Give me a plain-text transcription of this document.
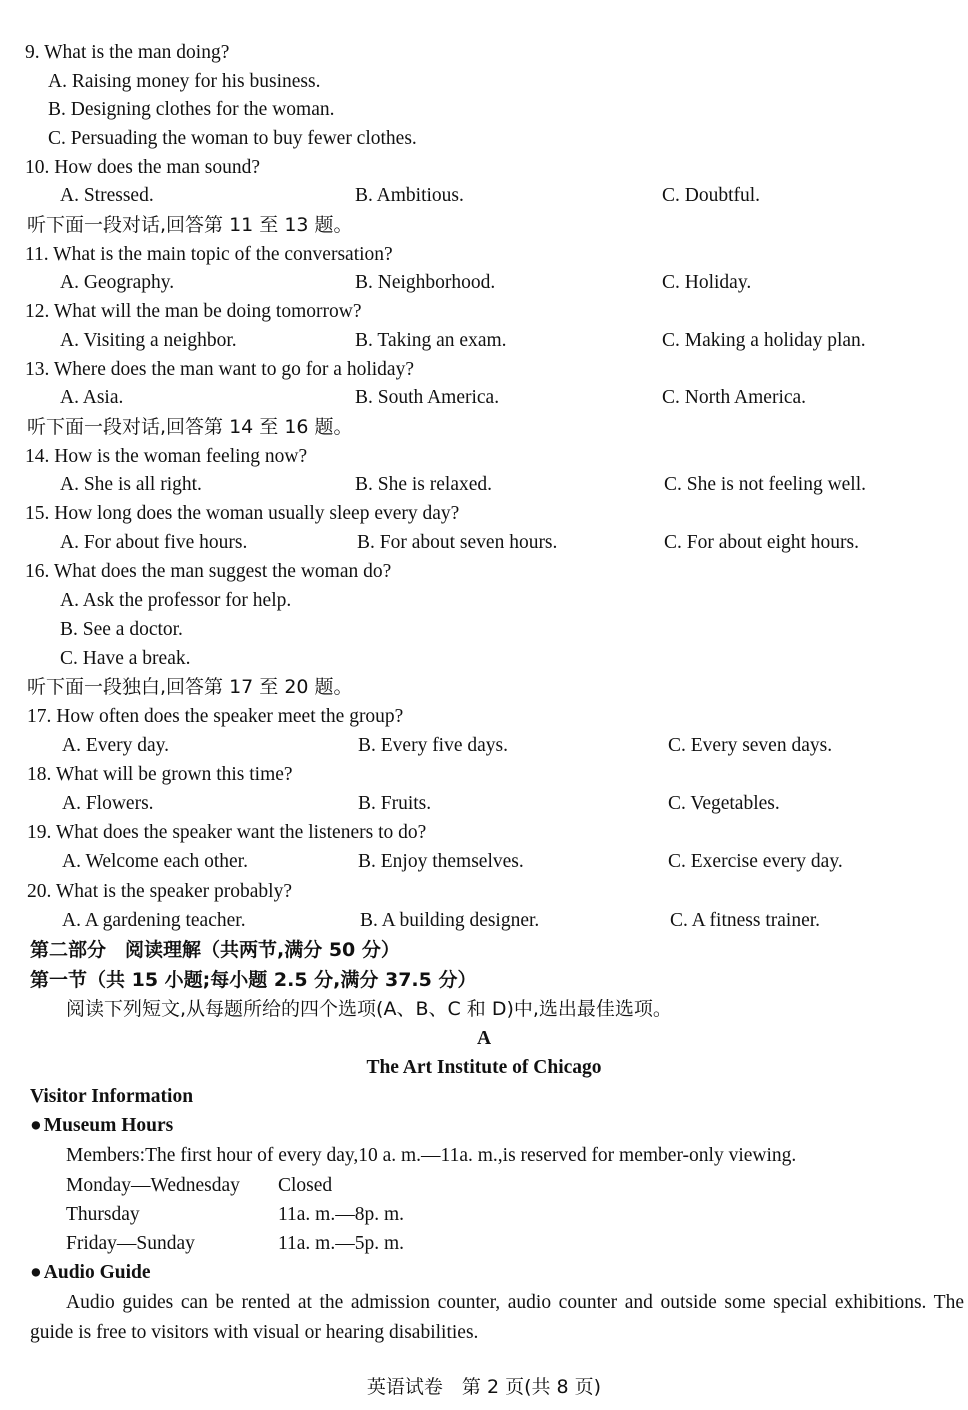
9. What is the man doing?
A. Raising money for his business.
B. Designing clothes for the woman.
C. Persuading the woman to buy fewer clothes.
10. How does the man sound?
A. Stressed.	B. Ambitious.	C. Doubtful.
听下面一段对话,回答第 11 至 13 题。
11. What is the main topic of the conversation?
A. Geography.	B. Neighborhood.	C. Holiday.
12. What will the man be doing tomorrow?
A. Visiting a neighbor.	B. Taking an exam.	C. Making a holiday plan.
13. Where does the man want to go for a holiday?
A. Asia.	B. South America.	C. North America.
听下面一段对话,回答第 14 至 16 题。
14. How is the woman feeling now?
A. She is all right.	B. She is relaxed.	C. She is not feeling well.
15. How long does the woman usually sleep every day?
A. For about five hours.	B. For about seven hours.	C. For about eight hours.
16. What does the man suggest the woman do?
A. Ask the professor for help.
B. See a doctor.
C. Have a break.
听下面一段独白,回答第 17 至 20 题。
17. How often does the speaker meet the group?
A. Every day.	B. Every five days.	C. Every seven days.
18. What will be grown this time?
A. Flowers.	B. Fruits.	C. Vegetables.
19. What does the speaker want the listeners to do?
A. Welcome each other.	B. Enjoy themselves.	C. Exercise every day.
20. What is the speaker probably?
A. A gardening teacher.	B. A building designer.	C. A fitness trainer.
第二部分　阅读理解（共两节,满分 50 分）
第一节（共 15 小题;每小题 2.5 分,满分 37.5 分）
阅读下列短文,从每题所给的四个选项(A、B、C 和 D)中,选出最佳选项。
A
The Art Institute of Chicago
Visitor Information
● Museum Hours
Members:The first hour of every day,10 a. m.—11a. m.,is reserved for member-only viewing.
Monday—Wednesday Closed
Thursday	11a. m.—8p. m.
Friday—Sunday	11a. m.—5p. m.
● Audio Guide
Audio guides can be rented at the admission counter, audio counter and outside some special exhibitions. The guide is free to visitors with visual or hearing disabilities.
英语试卷　第 2 页(共 8 页)
